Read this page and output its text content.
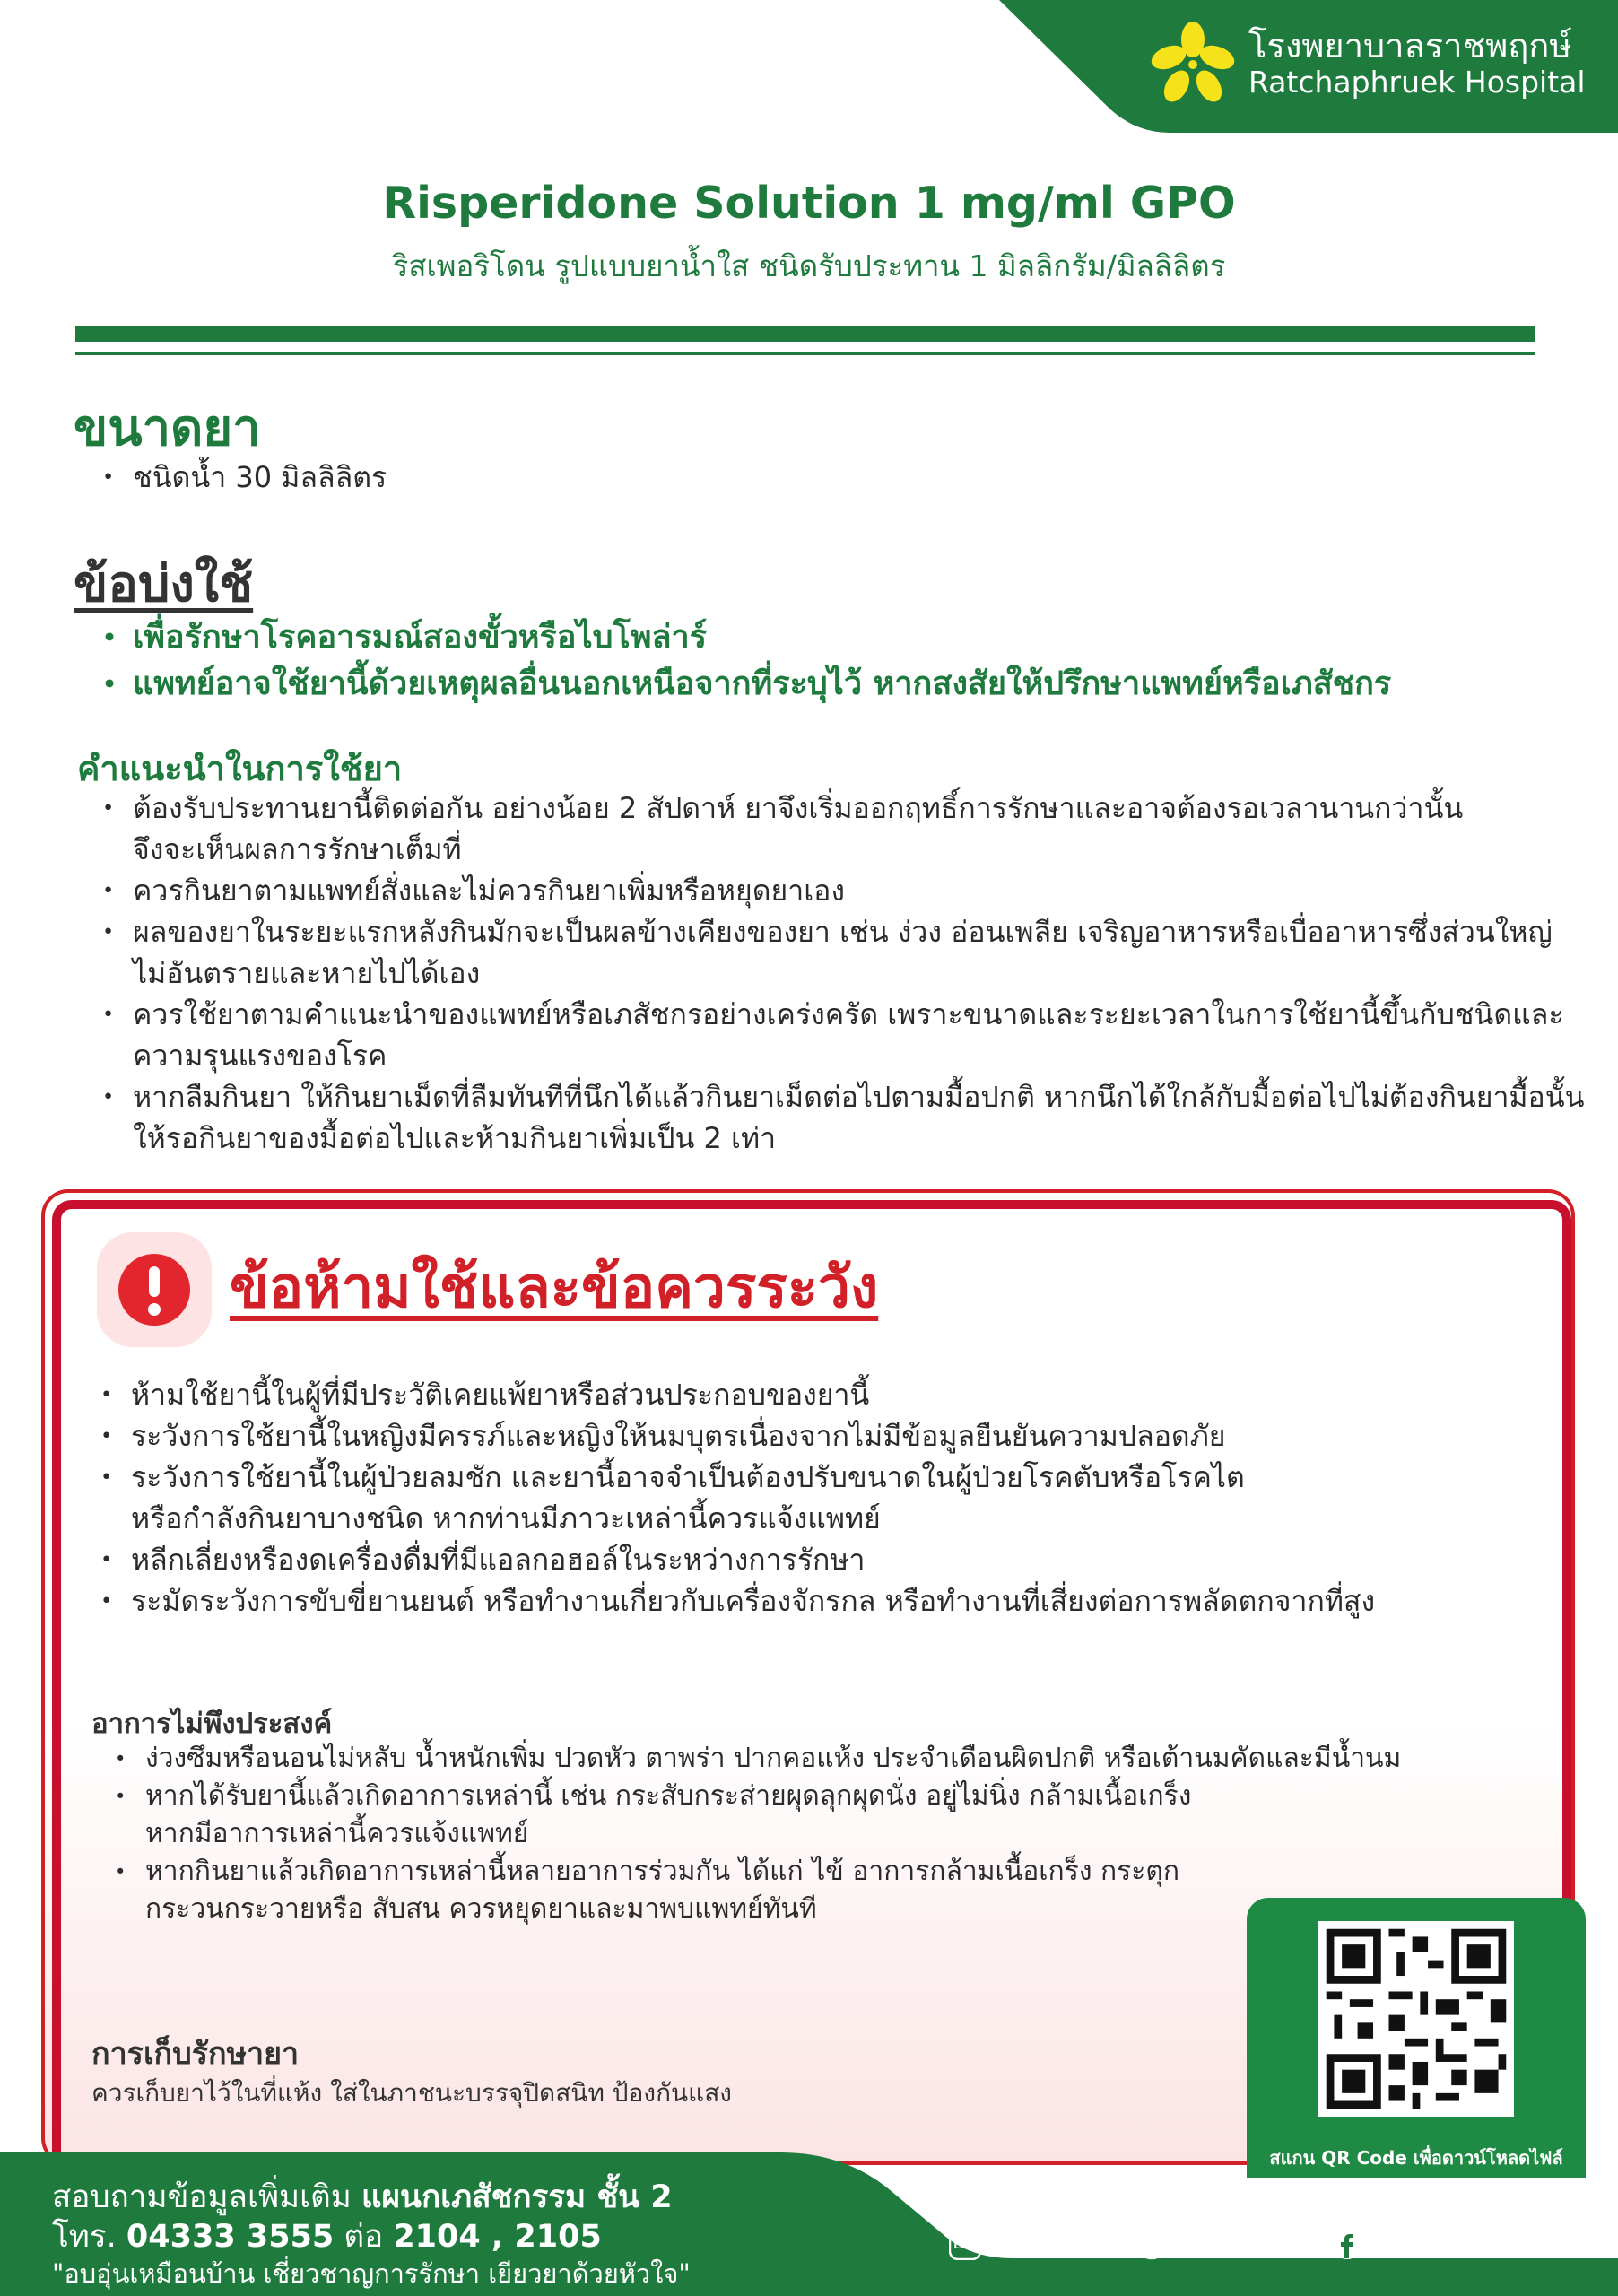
โรงพยาบาลราชพฤกษ์
Ratchaphruek Hospital
Risperidone Solution 1 mg/ml GPO
ริสเพอริโดน รูปแบบยาน้ำใส ชนิดรับประทาน 1 มิลลิกรัม/มิลลิลิตร
ขนาดยา
• ชนิดน้ำ 30 มิลลิลิตร
ข้อบ่งใช้
• เพื่อรักษาโรคอารมณ์สองขั้วหรือไบโพล่าร์
• แพทย์อาจใช้ยานี้ด้วยเหตุผลอื่นนอกเหนือจากที่ระบุไว้ หากสงสัยให้ปรึกษาแพทย์หรือเภสัชกร
คำแนะนำในการใช้ยา
• ต้องรับประทานยานี้ติดต่อกัน อย่างน้อย 2 สัปดาห์ ยาจึงเริ่มออกฤทธิ์การรักษาและอาจต้องรอเวลานานกว่านั้น
จึงจะเห็นผลการรักษาเต็มที่
• ควรกินยาตามแพทย์สั่งและไม่ควรกินยาเพิ่มหรือหยุดยาเอง
• ผลของยาในระยะแรกหลังกินมักจะเป็นผลข้างเคียงของยา เช่น ง่วง อ่อนเพลีย เจริญอาหารหรือเบื่ออาหารซึ่งส่วนใหญ่
ไม่อันตรายและหายไปได้เอง
• ควรใช้ยาตามคำแนะนำของแพทย์หรือเภสัชกรอย่างเคร่งครัด เพราะขนาดและระยะเวลาในการใช้ยานี้ขึ้นกับชนิดและ
ความรุนแรงของโรค
• หากลืมกินยา ให้กินยาเม็ดที่ลืมทันทีที่นึกได้แล้วกินยาเม็ดต่อไปตามมื้อปกติ หากนึกได้ใกล้กับมื้อต่อไปไม่ต้องกินยามื้อนั้น
ให้รอกินยาของมื้อต่อไปและห้ามกินยาเพิ่มเป็น 2 เท่า
ข้อห้ามใช้และข้อควรระวัง
• ห้ามใช้ยานี้ในผู้ที่มีประวัติเคยแพ้ยาหรือส่วนประกอบของยานี้
• ระวังการใช้ยานี้ในหญิงมีครรภ์และหญิงให้นมบุตรเนื่องจากไม่มีข้อมูลยืนยันความปลอดภัย
• ระวังการใช้ยานี้ในผู้ป่วยลมชัก และยานี้อาจจำเป็นต้องปรับขนาดในผู้ป่วยโรคตับหรือโรคไต
หรือกำลังกินยาบางชนิด หากท่านมีภาวะเหล่านี้ควรแจ้งแพทย์
• หลีกเลี่ยงหรืองดเครื่องดื่มที่มีแอลกอฮอล์ในระหว่างการรักษา
• ระมัดระวังการขับขี่ยานยนต์ หรือทำงานเกี่ยวกับเครื่องจักรกล หรือทำงานที่เสี่ยงต่อการพลัดตกจากที่สูง
อาการไม่พึงประสงค์
• ง่วงซึมหรือนอนไม่หลับ น้ำหนักเพิ่ม ปวดหัว ตาพร่า ปากคอแห้ง ประจำเดือนผิดปกติ หรือเต้านมคัดและมีน้ำนม
• หากได้รับยานี้แล้วเกิดอาการเหล่านี้ เช่น กระสับกระส่ายผุดลุกผุดนั่ง อยู่ไม่นิ่ง กล้ามเนื้อเกร็ง
หากมีอาการเหล่านี้ควรแจ้งแพทย์
• หากกินยาแล้วเกิดอาการเหล่านี้หลายอาการร่วมกัน ได้แก่ ไข้ อาการกล้ามเนื้อเกร็ง กระตุก
กระวนกระวายหรือ สับสน ควรหยุดยาและมาพบแพทย์ทันที
การเก็บรักษายา
ควรเก็บยาไว้ในที่แห้ง ใส่ในภาชนะบรรจุปิดสนิท ป้องกันแสง
สแกน QR Code เพื่อดาวน์โหลดไฟล์
IF-PHA-460 Rev.00 (22 Dec. 2025)
สอบถามข้อมูลเพิ่มเติม แผนกเภสัชกรรม ชั้น 2
โทร. 04333 3555 ต่อ 2104 , 2105
"อบอุ่นเหมือนบ้าน เชี่ยวชาญการรักษา เยียวยาด้วยหัวใจ"
LINE
LINE
ID : @RPHLine
WEBSITE
WWW.rph.co.th
FACEBOOK
RatchaphruekHospital
